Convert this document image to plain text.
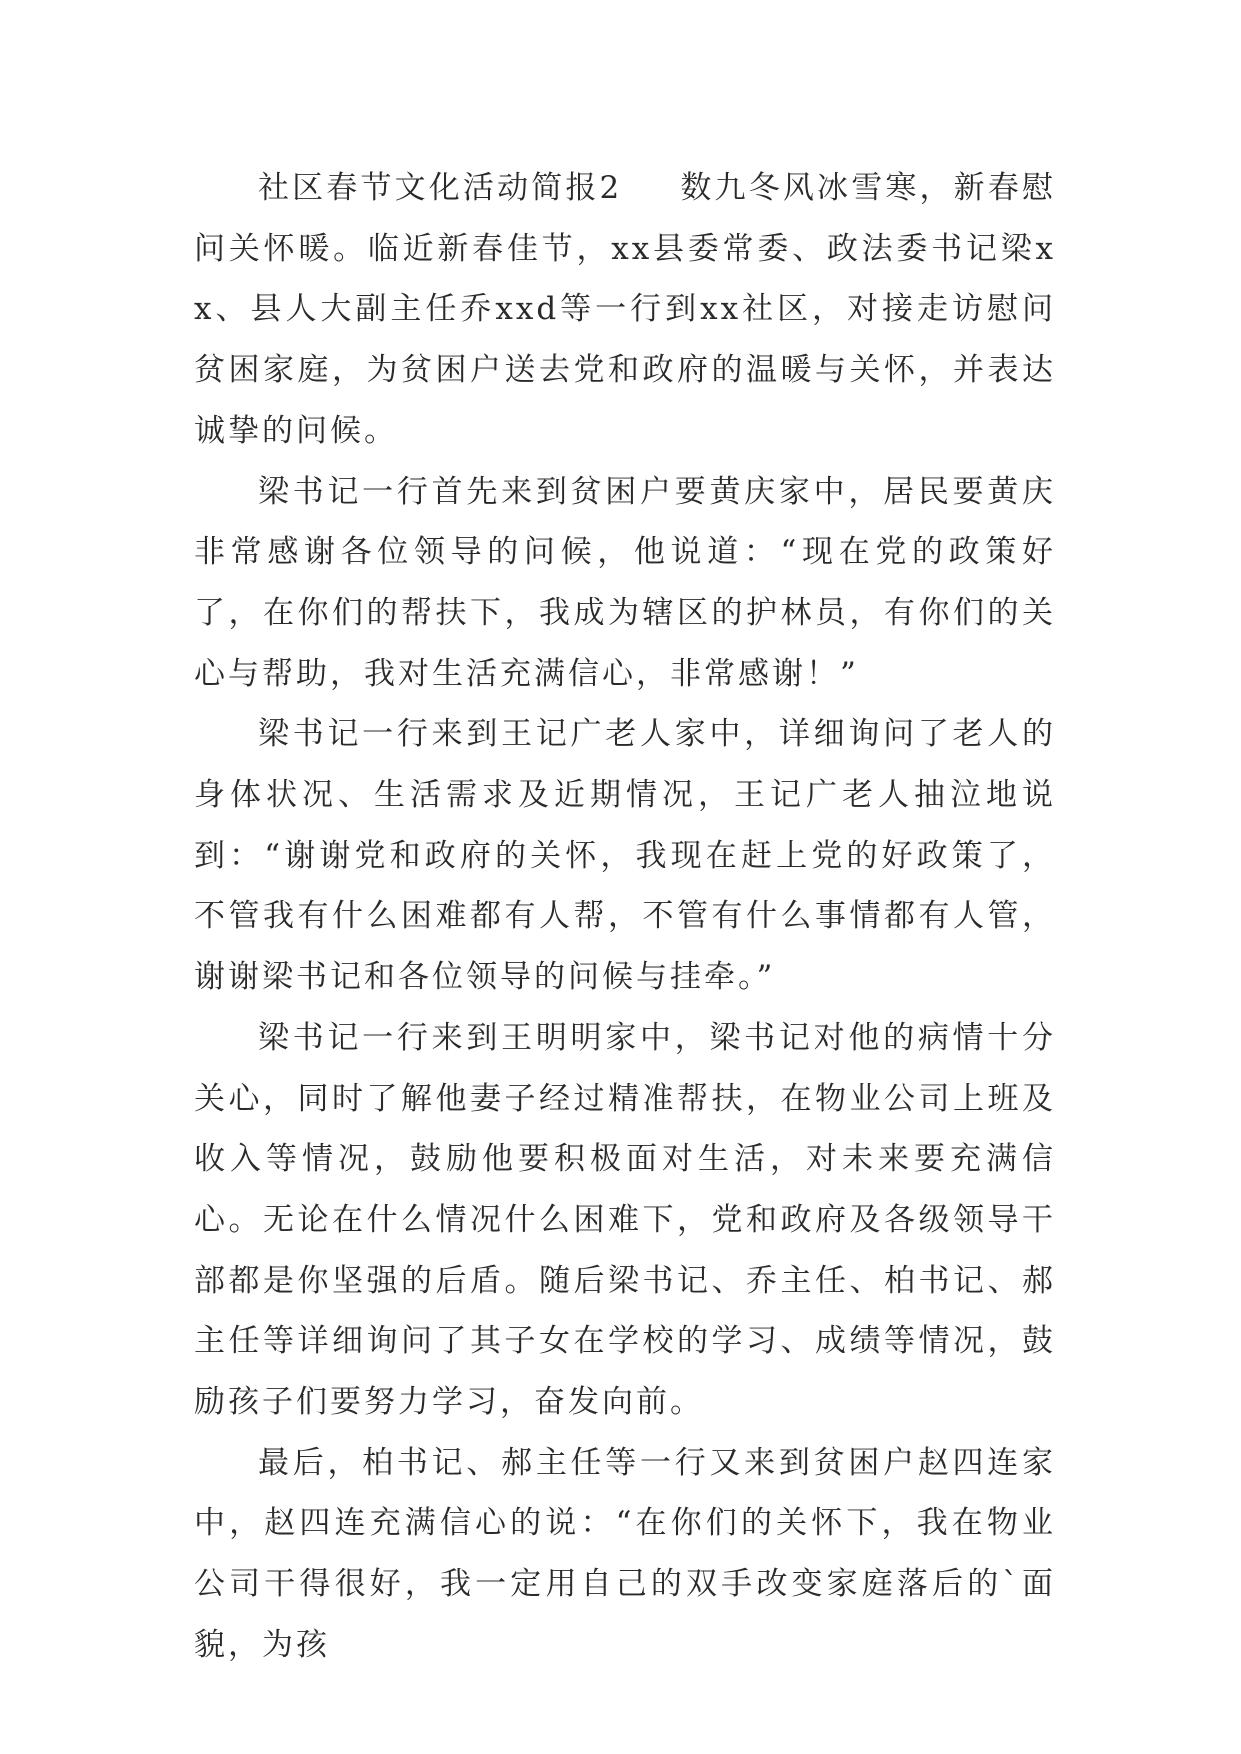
社区春节文化活动简报2 数九冬风冰雪寒，新春慰问关怀暖。临近新春佳节，xx县委常委、政法委书记梁xx、县人大副主任乔xxd等一行到xx社区，对接走访慰问贫困家庭，为贫困户送去党和政府的温暖与关怀，并表达诚挚的问候。

梁书记一行首先来到贫困户要黄庆家中，居民要黄庆非常感谢各位领导的问候，他说道：“现在党的政策好了，在你们的帮扶下，我成为辖区的护林员，有你们的关心与帮助，我对生活充满信心，非常感谢！”

梁书记一行来到王记广老人家中，详细询问了老人的身体状况、生活需求及近期情况，王记广老人抽泣地说到：“谢谢党和政府的关怀，我现在赶上党的好政策了，不管我有什么困难都有人帮，不管有什么事情都有人管，谢谢梁书记和各位领导的问候与挂牵。”

梁书记一行来到王明明家中，梁书记对他的病情十分关心，同时了解他妻子经过精准帮扶，在物业公司上班及收入等情况，鼓励他要积极面对生活，对未来要充满信心。无论在什么情况什么困难下，党和政府及各级领导干部都是你坚强的后盾。随后梁书记、乔主任、柏书记、郝主任等详细询问了其子女在学校的学习、成绩等情况，鼓励孩子们要努力学习，奋发向前。

最后，柏书记、郝主任等一行又来到贫困户赵四连家中，赵四连充满信心的说：“在你们的关怀下，我在物业公司干得很好，我一定用自己的双手改变家庭落后的`面貌，为孩
